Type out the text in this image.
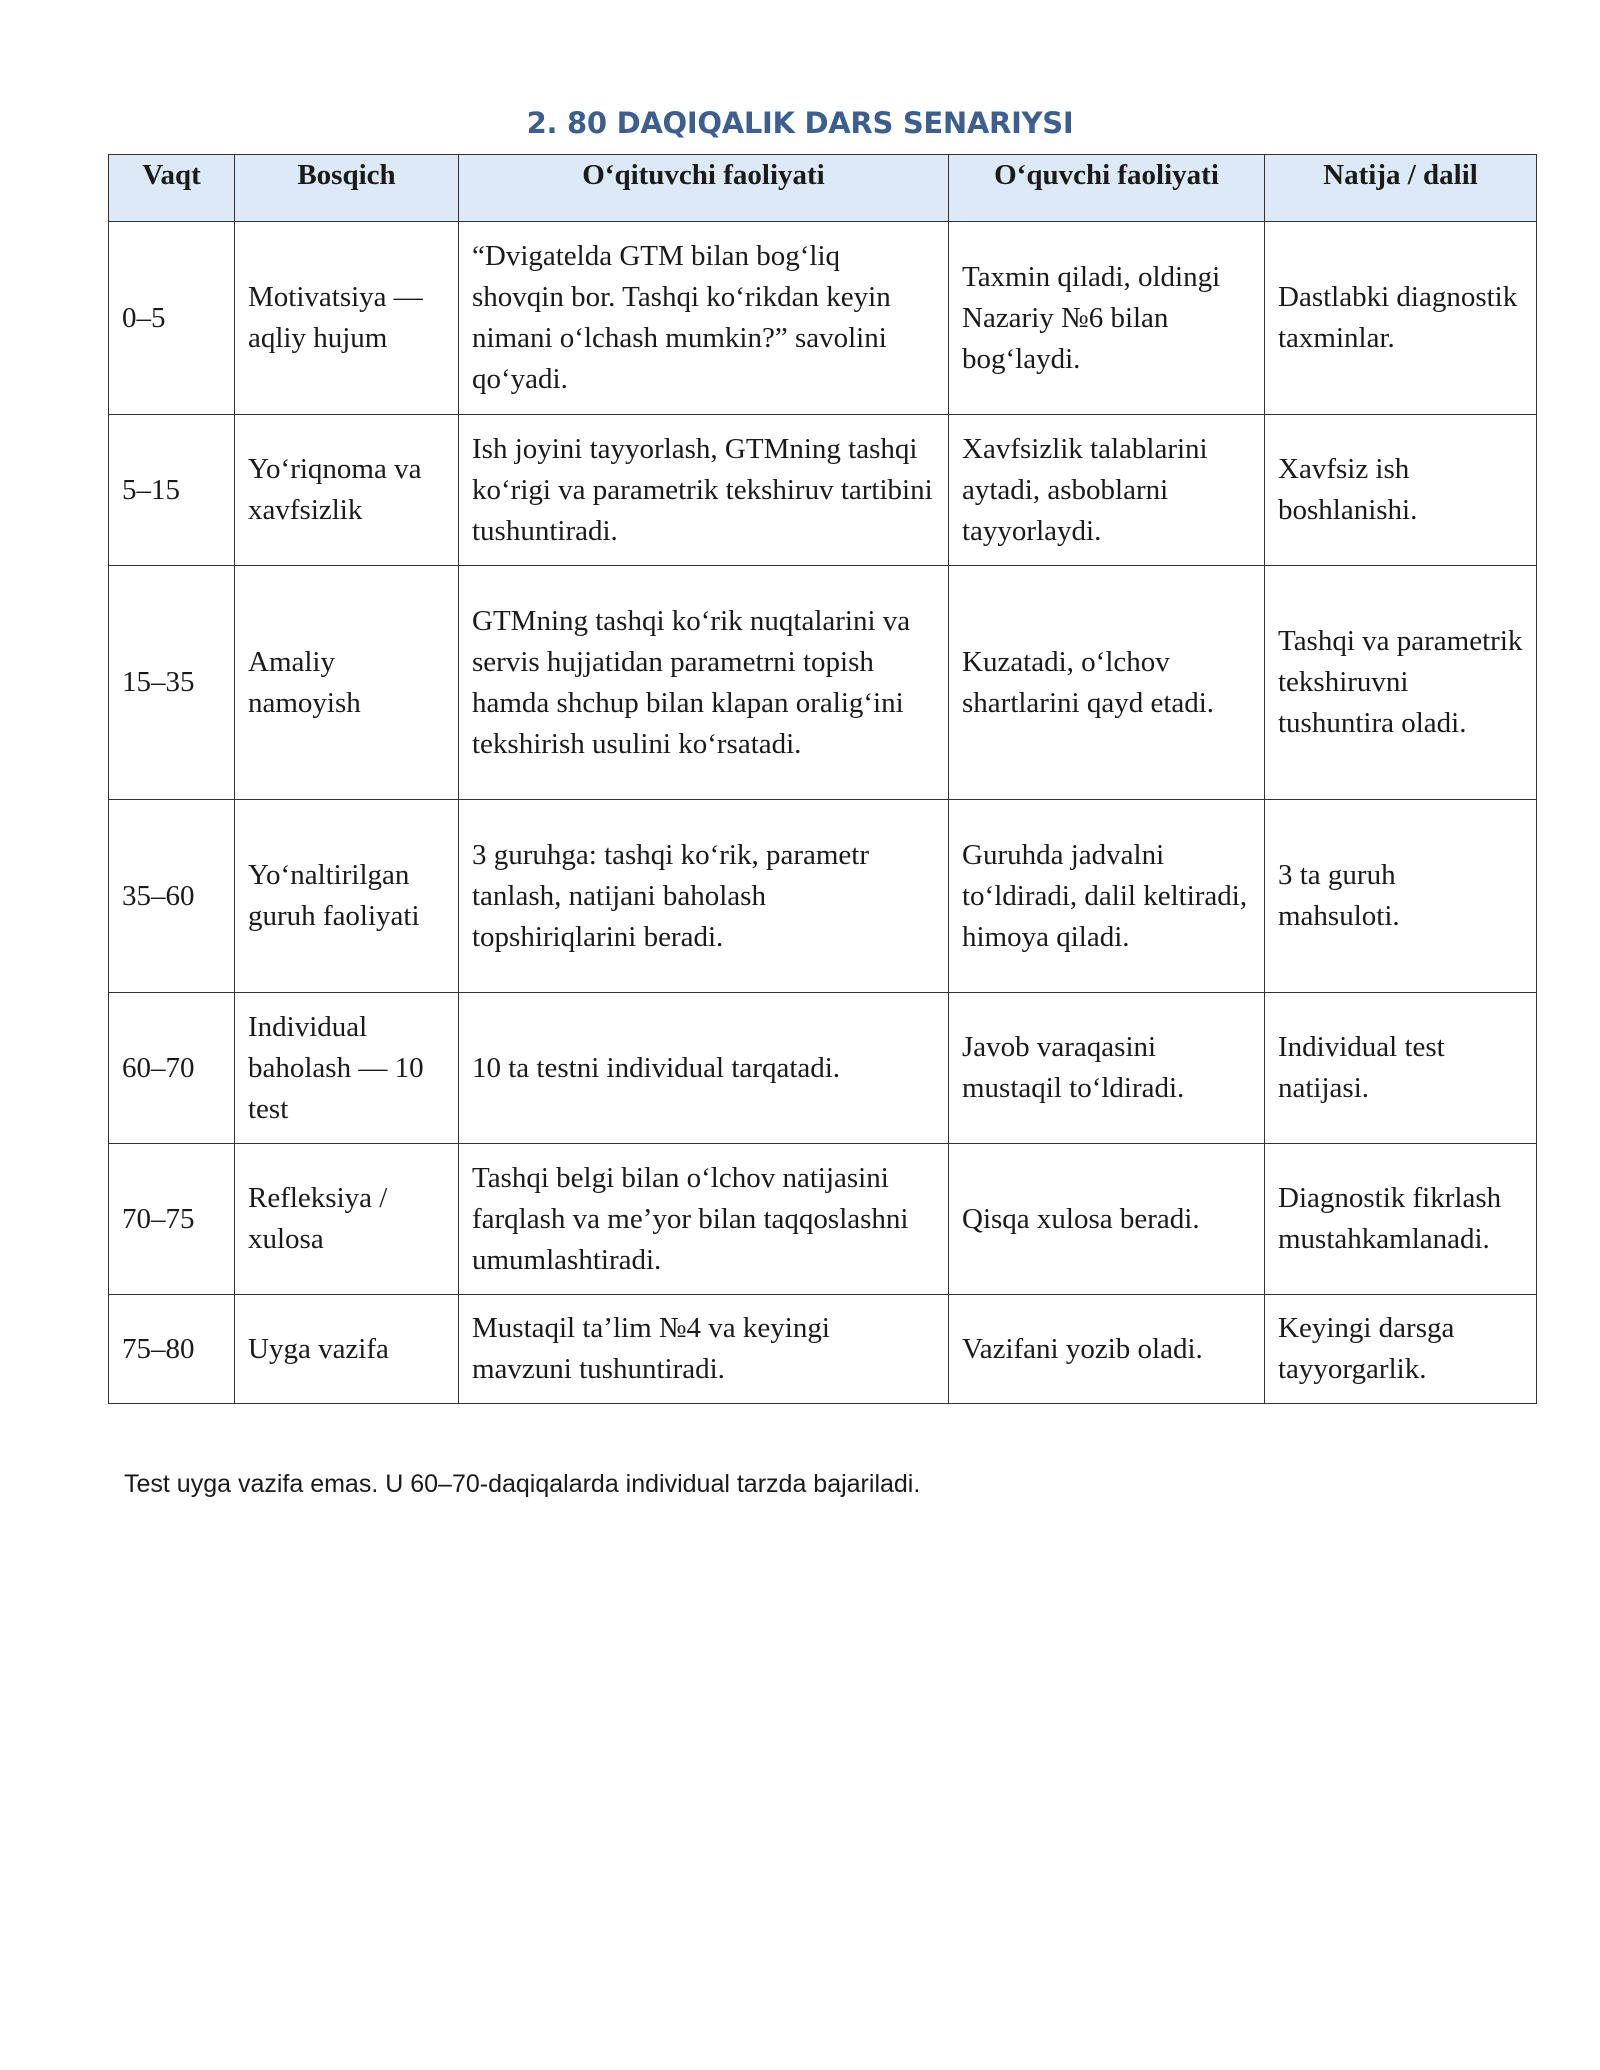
2. 80 DAQIQALIK DARS SENARIYSI
Vaqt	Bosqich	O‘qituvchi faoliyati	O‘quvchi faoliyati	Natija / dalil
0–5	Motivatsiya — aqliy hujum	“Dvigatelda GTM bilan bog‘liq shovqin bor. Tashqi ko‘rikdan keyin nimani o‘lchash mumkin?” savolini qo‘yadi.	Taxmin qiladi, oldingi Nazariy №6 bilan bog‘laydi.	Dastlabki diagnostik taxminlar.
5–15	Yo‘riqnoma va xavfsizlik	Ish joyini tayyorlash, GTMning tashqi ko‘rigi va parametrik tekshiruv tartibini tushuntiradi.	Xavfsizlik talablarini aytadi, asboblarni tayyorlaydi.	Xavfsiz ish boshlanishi.
15–35	Amaliy namoyish	GTMning tashqi ko‘rik nuqtalarini va servis hujjatidan parametrni topish hamda shchup bilan klapan oralig‘ini tekshirish usulini ko‘rsatadi.	Kuzatadi, o‘lchov shartlarini qayd etadi.	Tashqi va parametrik tekshiruvni tushuntira oladi.
35–60	Yo‘naltirilgan guruh faoliyati	3 guruhga: tashqi ko‘rik, parametr tanlash, natijani baholash topshiriqlarini beradi.	Guruhda jadvalni to‘ldiradi, dalil keltiradi, himoya qiladi.	3 ta guruh mahsuloti.
60–70	Individual baholash — 10 test	10 ta testni individual tarqatadi.	Javob varaqasini mustaqil to‘ldiradi.	Individual test natijasi.
70–75	Refleksiya / xulosa	Tashqi belgi bilan o‘lchov natijasini farqlash va me’yor bilan taqqoslashni umumlashtiradi.	Qisqa xulosa beradi.	Diagnostik fikrlash mustahkamlanadi.
75–80	Uyga vazifa	Mustaqil ta’lim №4 va keyingi mavzuni tushuntiradi.	Vazifani yozib oladi.	Keyingi darsga tayyorgarlik.
Test uyga vazifa emas. U 60–70-daqiqalarda individual tarzda bajariladi.
